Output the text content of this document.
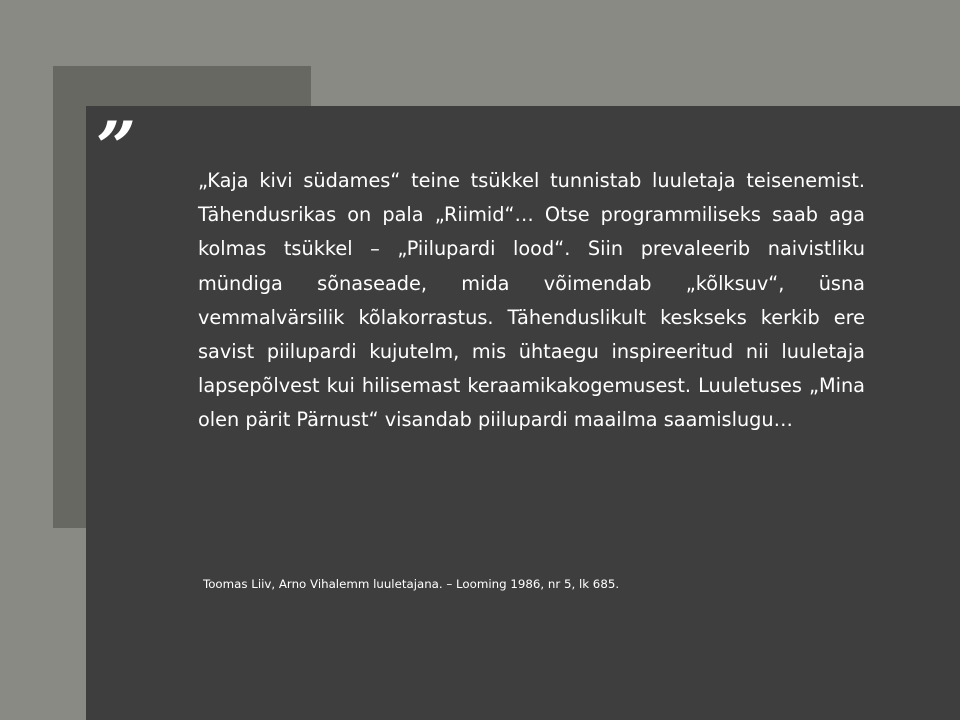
”	„Kaja kivi südames“ teine tsükkel tunnistab luuletaja teisenemist. Tähendusrikas on pala „Riimid“… Otse programmiliseks saab aga kolmas tsükkel – „Piilupardi lood“. Siin prevaleerib naivistliku mündiga sõnaseade, mida võimendab „kõlksuv“, üsna vemmalvärsilik kõlakorrastus. Tähenduslikult keskseks kerkib ere savist piilupardi kujutelm, mis ühtaegu inspireeritud nii luuletaja lapsepõlvest kui hilisemast keraamikakogemusest. Luuletuses „Mina olen pärit Pärnust“ visandab piilupardi maailma saamislugu…

Toomas Liiv, Arno Vihalemm luuletajana. – Looming 1986, nr 5, lk 685.
